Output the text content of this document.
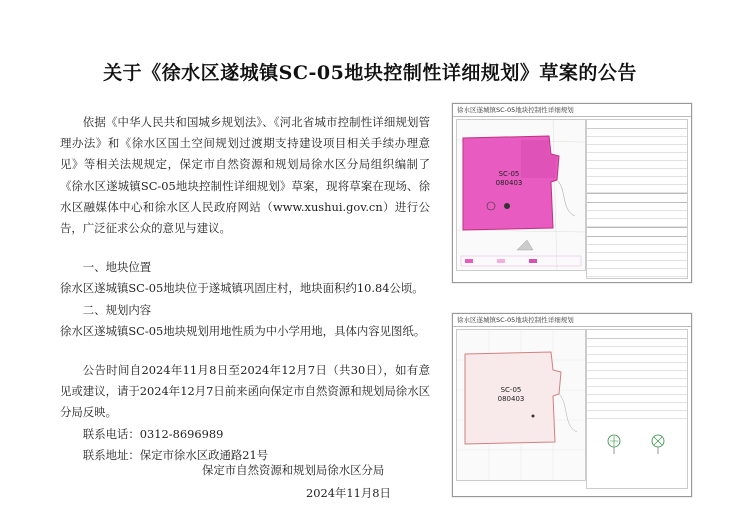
关于《徐水区遂城镇SC-05地块控制性详细规划》草案的公告

依据《中华人民共和国城乡规划法》、《河北省城市控制性详细规划管理办法》和《徐水区国土空间规划过渡期支持建设项目相关手续办理意见》等相关法规规定，保定市自然资源和规划局徐水区分局组织编制了《徐水区遂城镇SC-05地块控制性详细规划》草案，现将草案在现场、徐水区融媒体中心和徐水区人民政府网站（www.xushui.gov.cn）进行公告，广泛征求公众的意见与建议。

一、地块位置

徐水区遂城镇SC-05地块位于遂城镇巩固庄村，地块面积约10.84公顷。

二、规划内容

徐水区遂城镇SC-05地块规划用地性质为中小学用地，具体内容见图纸。

公告时间自2024年11月8日至2024年12月7日（共30日），如有意见或建议，请于2024年12月7日前来函向保定市自然资源和规划局徐水区分局反映。

联系电话：0312-8696989

联系地址：保定市徐水区政通路21号

保定市自然资源和规划局徐水区分局
2024年11月8日
徐水区遂城镇SC-05地块控制性详细规划
SC-05
080403
徐水区遂城镇SC-05地块控制性详细规划
SC-05
080403
